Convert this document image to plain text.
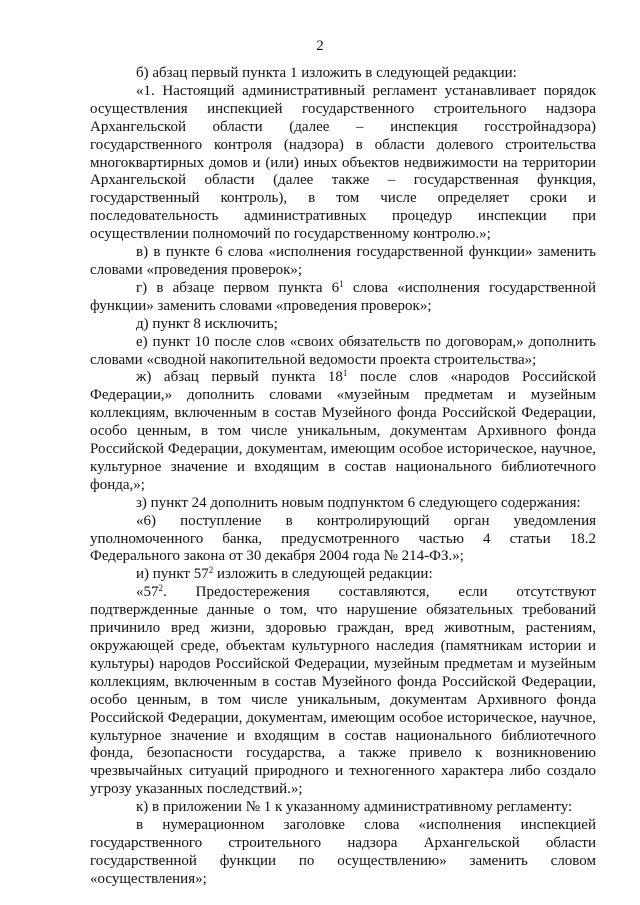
2

б) абзац первый пункта 1 изложить в следующей редакции:

«1. Настоящий административный регламент устанавливает порядок осуществления инспекцией государственного строительного надзора Архангельской области (далее – инспекция госстройнадзора) государственного контроля (надзора) в области долевого строительства многоквартирных домов и (или) иных объектов недвижимости на территории Архангельской области (далее также – государственная функция, государственный контроль), в том числе определяет сроки и последовательность административных процедур инспекции при осуществлении полномочий по государственному контролю.»;

в) в пункте 6 слова «исполнения государственной функции» заменить словами «проведения проверок»;

г) в абзаце первом пункта $6^1$ слова «исполнения государственной функции» заменить словами «проведения проверок»;

д) пункт 8 исключить;

е) пункт 10 после слов «своих обязательств по договорам,» дополнить словами «сводной накопительной ведомости проекта строительства»;

ж) абзац первый пункта $18^1$ после слов «народов Российской Федерации,» дополнить словами «музейным предметам и музейным коллекциям, включенным в состав Музейного фонда Российской Федерации, особо ценным, в том числе уникальным, документам Архивного фонда Российской Федерации, документам, имеющим особое историческое, научное, культурное значение и входящим в состав национального библиотечного фонда,»;

з) пункт 24 дополнить новым подпунктом 6 следующего содержания:

«6) поступление в контролирующий орган уведомления уполномоченного банка, предусмотренного частью 4 статьи 18.2 Федерального закона от 30 декабря 2004 года № 214-ФЗ.»;

и) пункт $57^2$ изложить в следующей редакции:

«$57^2$. Предостережения составляются, если отсутствуют подтвержденные данные о том, что нарушение обязательных требований причинило вред жизни, здоровью граждан, вред животным, растениям, окружающей среде, объектам культурного наследия (памятникам истории и культуры) народов Российской Федерации, музейным предметам и музейным коллекциям, включенным в состав Музейного фонда Российской Федерации, особо ценным, в том числе уникальным, документам Архивного фонда Российской Федерации, документам, имеющим особое историческое, научное, культурное значение и входящим в состав национального библиотечного фонда, безопасности государства, а также привело к возникновению чрезвычайных ситуаций природного и техногенного характера либо создало угрозу указанных последствий.»;

к) в приложении № 1 к указанному административному регламенту:

в нумерационном заголовке слова «исполнения инспекцией государственного строительного надзора Архангельской области государственной функции по осуществлению» заменить словом «осуществления»;
